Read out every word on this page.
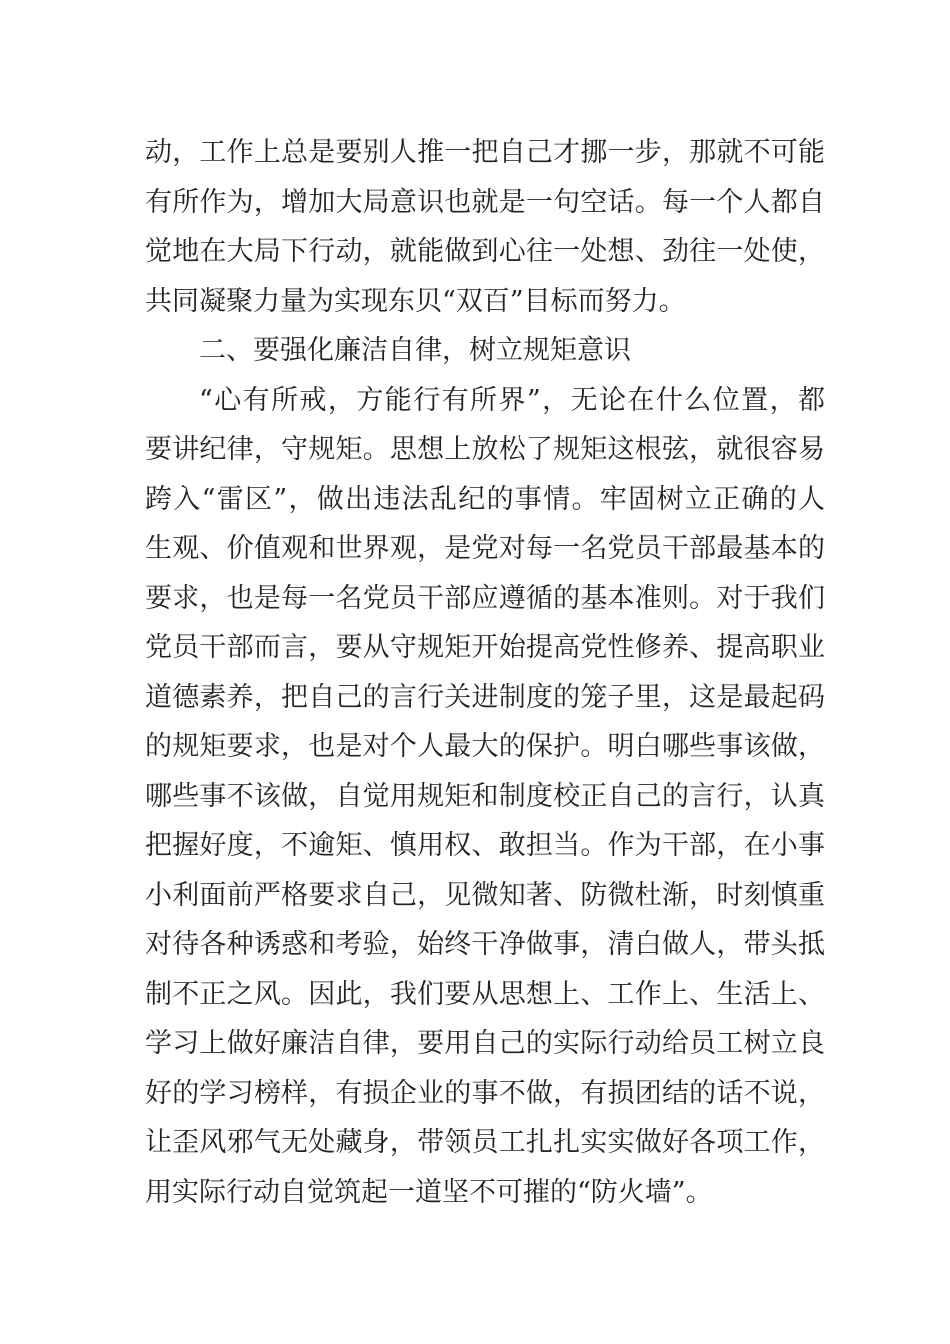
动，工作上总是要别人推一把自己才挪一步，那就不可能
有所作为，增加大局意识也就是一句空话。每一个人都自
觉地在大局下行动，就能做到心往一处想、劲往一处使，
共同凝聚力量为实现东贝“双百”目标而努力。
二、要强化廉洁自律，树立规矩意识
“心有所戒，方能行有所界”，无论在什么位置，都
要讲纪律，守规矩。思想上放松了规矩这根弦，就很容易
跨入“雷区”，做出违法乱纪的事情。牢固树立正确的人
生观、价值观和世界观，是党对每一名党员干部最基本的
要求，也是每一名党员干部应遵循的基本准则。对于我们
党员干部而言，要从守规矩开始提高党性修养、提高职业
道德素养，把自己的言行关进制度的笼子里，这是最起码
的规矩要求，也是对个人最大的保护。明白哪些事该做，
哪些事不该做，自觉用规矩和制度校正自己的言行，认真
把握好度，不逾矩、慎用权、敢担当。作为干部，在小事
小利面前严格要求自己，见微知著、防微杜渐，时刻慎重
对待各种诱惑和考验，始终干净做事，清白做人，带头抵
制不正之风。因此，我们要从思想上、工作上、生活上、
学习上做好廉洁自律，要用自己的实际行动给员工树立良
好的学习榜样，有损企业的事不做，有损团结的话不说，
让歪风邪气无处藏身，带领员工扎扎实实做好各项工作，
用实际行动自觉筑起一道坚不可摧的“防火墙”。
